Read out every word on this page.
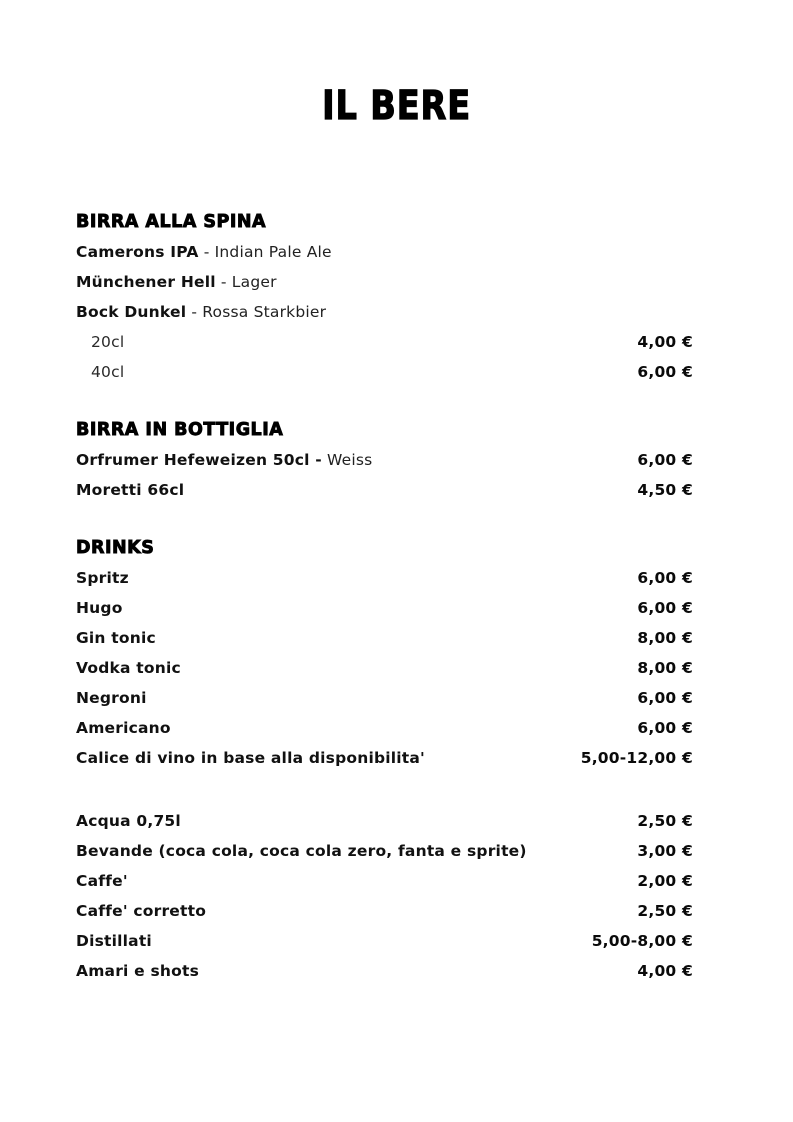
IL BERE
BIRRA ALLA SPINA
Camerons IPA - Indian Pale Ale
Münchener Hell - Lager
Bock Dunkel - Rossa Starkbier
20cl	4,00 €
40cl	6,00 €
BIRRA IN BOTTIGLIA
Orfrumer Hefeweizen 50cl - Weiss	6,00 €
Moretti 66cl	4,50 €
DRINKS
Spritz	6,00 €
Hugo	6,00 €
Gin tonic	8,00 €
Vodka tonic	8,00 €
Negroni	6,00 €
Americano	6,00 €
Calice di vino in base alla disponibilita'	5,00-12,00 €
Acqua 0,75l	2,50 €
Bevande (coca cola, coca cola zero, fanta e sprite)	3,00 €
Caffe'	2,00 €
Caffe' corretto	2,50 €
Distillati	5,00-8,00 €
Amari e shots	4,00 €
